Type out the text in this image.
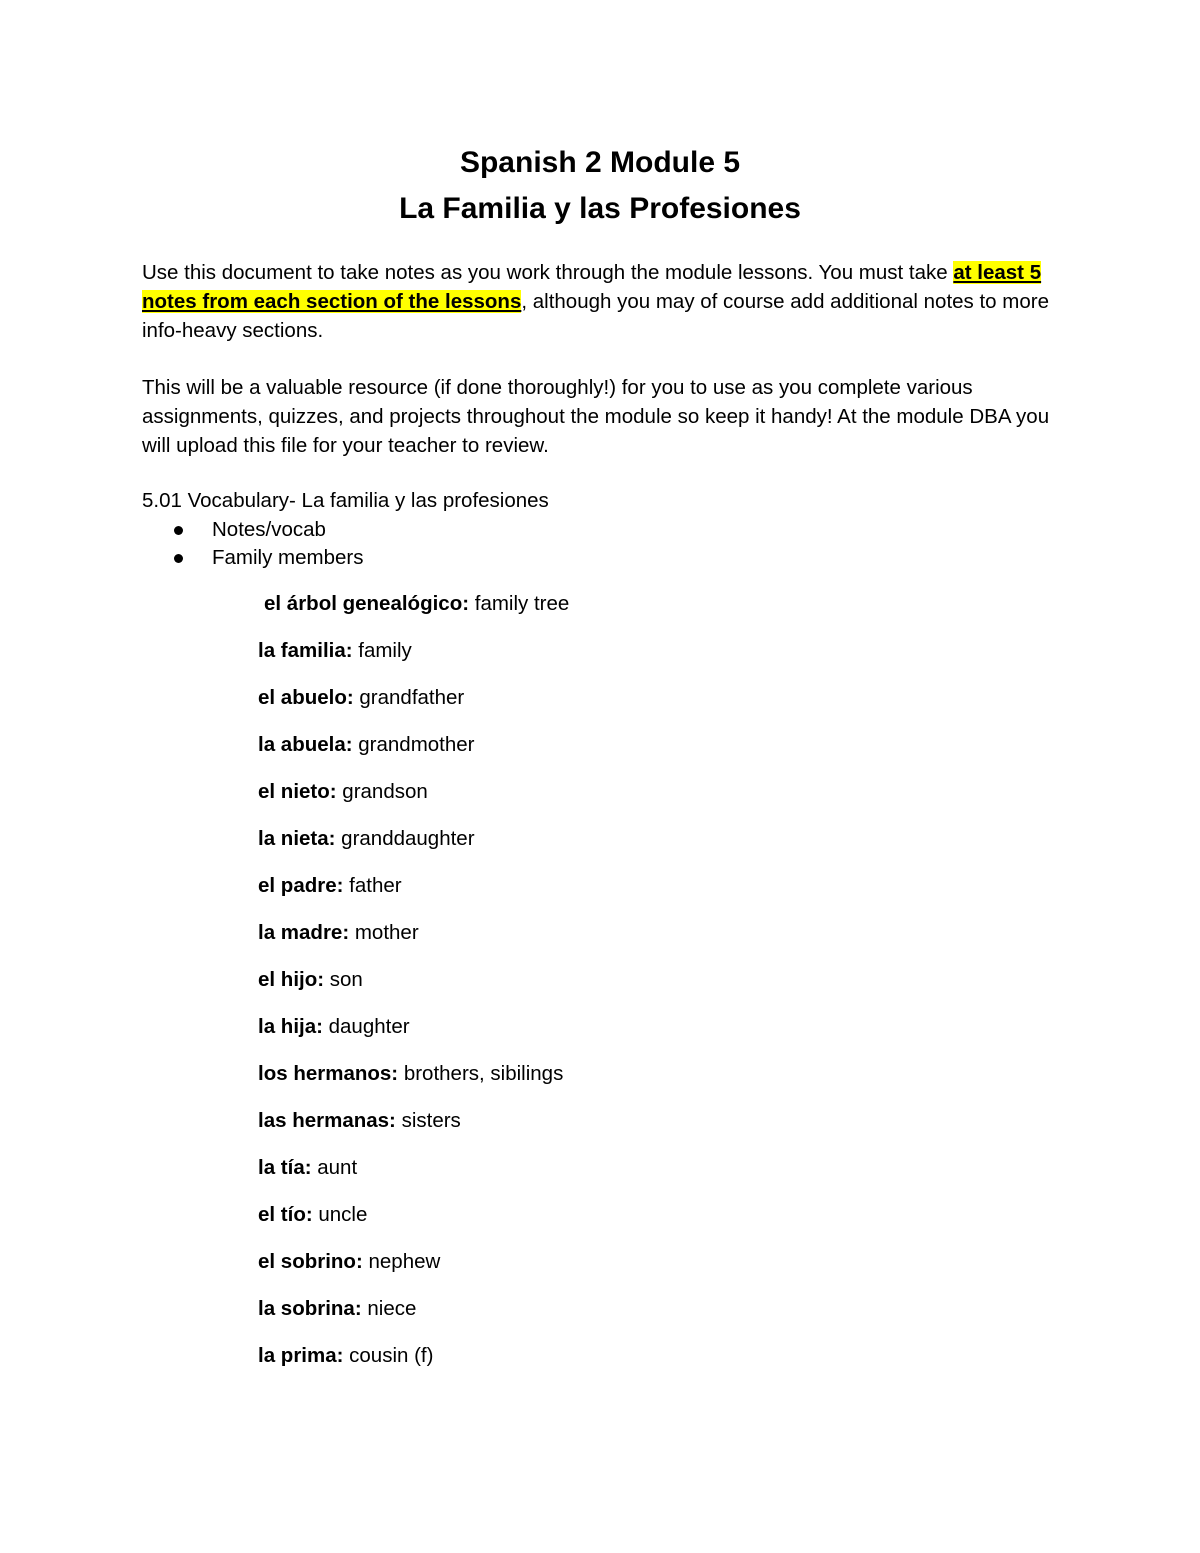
Spanish 2 Module 5
La Familia y las Profesiones

Use this document to take notes as you work through the module lessons. You must take at least 5 notes from each section of the lessons, although you may of course add additional notes to more info-heavy sections.

This will be a valuable resource (if done thoroughly!) for you to use as you complete various assignments, quizzes, and projects throughout the module so keep it handy! At the module DBA you will upload this file for your teacher to review.

5.01 Vocabulary- La familia y las profesiones

Notes/vocab
Family members
el árbol genealógico: family tree
la familia: family
el abuelo: grandfather
la abuela: grandmother
el nieto: grandson
la nieta: granddaughter
el padre: father
la madre: mother
el hijo: son
la hija: daughter
los hermanos: brothers, sibilings
las hermanas: sisters
la tía: aunt
el tío: uncle
el sobrino: nephew
la sobrina: niece
la prima: cousin (f)
